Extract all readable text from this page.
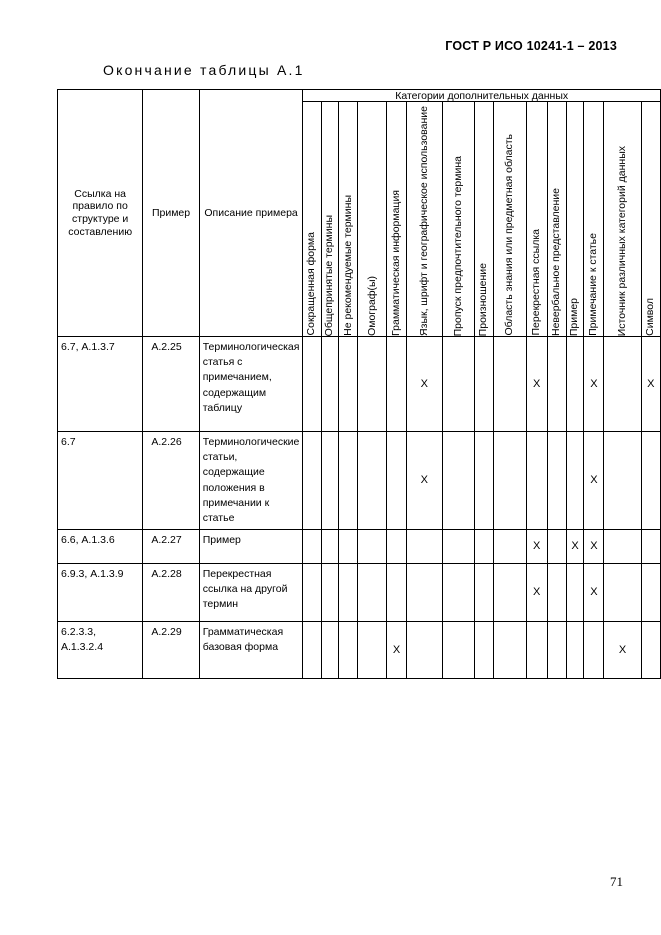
ГОСТ Р ИСО 10241-1 – 2013
Окончание таблицы А.1
Ссылка на правило по структуре и составлению	Пример	Описание примера	Категории дополнительных данных														

			Сокращенная форма	Общепринятые термины	Не рекомендуемые термины	Омограф(ы)	Грамматическая информация	Язык, шрифт и географическое использование	Пропуск предпочтительного термина	Произношение	Область знания или предметная область	Перекрестная ссылка	Невербальное представление	Пример	Примечание к статье	Источник различных категорий данных	Символ

6.7, А.1.3.7	А.2.25	Терминологическая статья с примечанием, содержащим таблицу						X				X			X		X
6.7	А.2.26	Терминологические статьи, содержащие положения в примечании к статье						X							X		
6.6, А.1.3.6	А.2.27	Пример										X		X	X		
6.9.3, А.1.3.9	А.2.28	Перекрестная ссылка на другой термин										X			X		
6.2.3.3, А.1.3.2.4	А.2.29	Грамматическая базовая форма					X									X	
71
